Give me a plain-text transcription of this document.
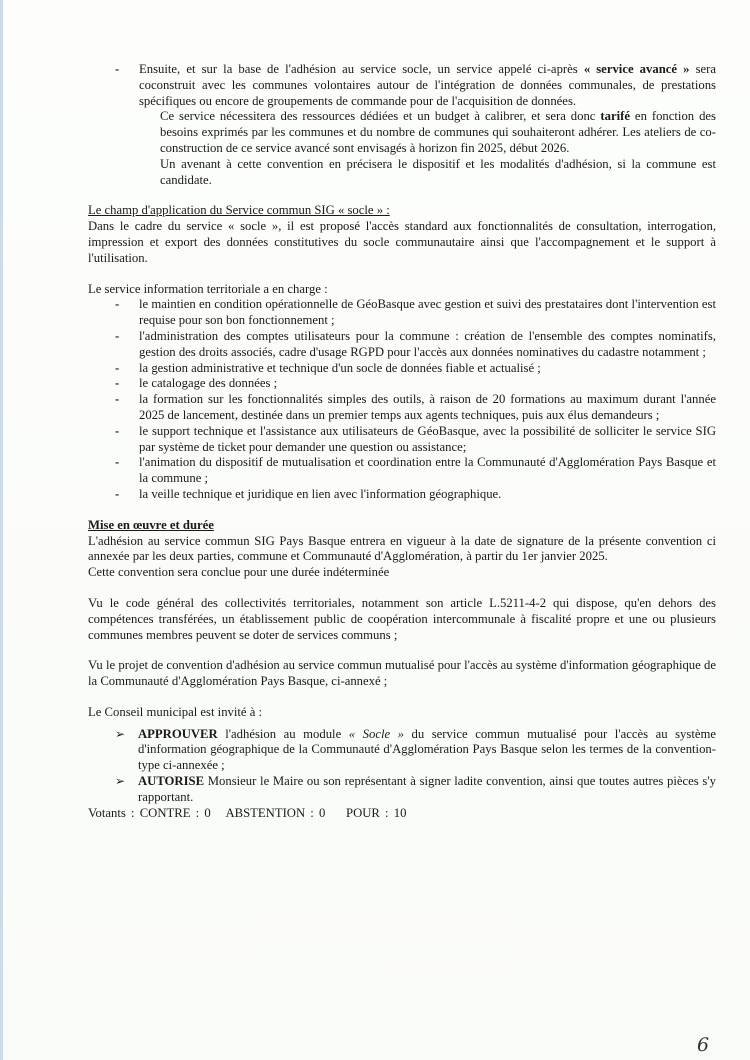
- Ensuite, et sur la base de l'adhésion au service socle, un service appelé ci-après « service avancé » sera coconstruit avec les communes volontaires autour de l'intégration de données communales, de prestations spécifiques ou encore de groupements de commande pour de l'acquisition de données.

Ce service nécessitera des ressources dédiées et un budget à calibrer, et sera donc tarifé en fonction des besoins exprimés par les communes et du nombre de communes qui souhaiteront adhérer. Les ateliers de co-construction de ce service avancé sont envisagés à horizon fin 2025, début 2026.

Un avenant à cette convention en précisera le dispositif et les modalités d'adhésion, si la commune est candidate.

Le champ d'application du Service commun SIG « socle » :

Dans le cadre du service « socle », il est proposé l'accès standard aux fonctionnalités de consultation, interrogation, impression et export des données constitutives du socle communautaire ainsi que l'accompagnement et le support à l'utilisation.

Le service information territoriale a en charge :

- le maintien en condition opérationnelle de GéoBasque avec gestion et suivi des prestataires dont l'intervention est requise pour son bon fonctionnement ;
- l'administration des comptes utilisateurs pour la commune : création de l'ensemble des comptes nominatifs, gestion des droits associés, cadre d'usage RGPD pour l'accès aux données nominatives du cadastre notamment ;
- la gestion administrative et technique d'un socle de données fiable et actualisé ;
- le catalogage des données ;
- la formation sur les fonctionnalités simples des outils, à raison de 20 formations au maximum durant l'année 2025 de lancement, destinée dans un premier temps aux agents techniques, puis aux élus demandeurs ;
- le support technique et l'assistance aux utilisateurs de GéoBasque, avec la possibilité de solliciter le service SIG par système de ticket pour demander une question ou assistance;
- l'animation du dispositif de mutualisation et coordination entre la Communauté d'Agglomération Pays Basque et la commune ;
- la veille technique et juridique en lien avec l'information géographique.

Mise en œuvre et durée

L'adhésion au service commun SIG Pays Basque entrera en vigueur à la date de signature de la présente convention ci annexée par les deux parties, commune et Communauté d'Agglomération, à partir du 1er janvier 2025.

Cette convention sera conclue pour une durée indéterminée

Vu le code général des collectivités territoriales, notamment son article L.5211-4-2 qui dispose, qu'en dehors des compétences transférées, un établissement public de coopération intercommunale à fiscalité propre et une ou plusieurs communes membres peuvent se doter de services communs ;

Vu le projet de convention d'adhésion au service commun mutualisé pour l'accès au système d'information géographique de la Communauté d'Agglomération Pays Basque, ci-annexé ;

Le Conseil municipal est invité à :

➢ APPROUVER l'adhésion au module « Socle » du service commun mutualisé pour l'accès au système d'information géographique de la Communauté d'Agglomération Pays Basque selon les termes de la convention-type ci-annexée ;
➢ AUTORISE Monsieur le Maire ou son représentant à signer ladite convention, ainsi que toutes autres pièces s'y rapportant.

Votants : CONTRE : 0   ABSTENTION : 0    POUR : 10

6
